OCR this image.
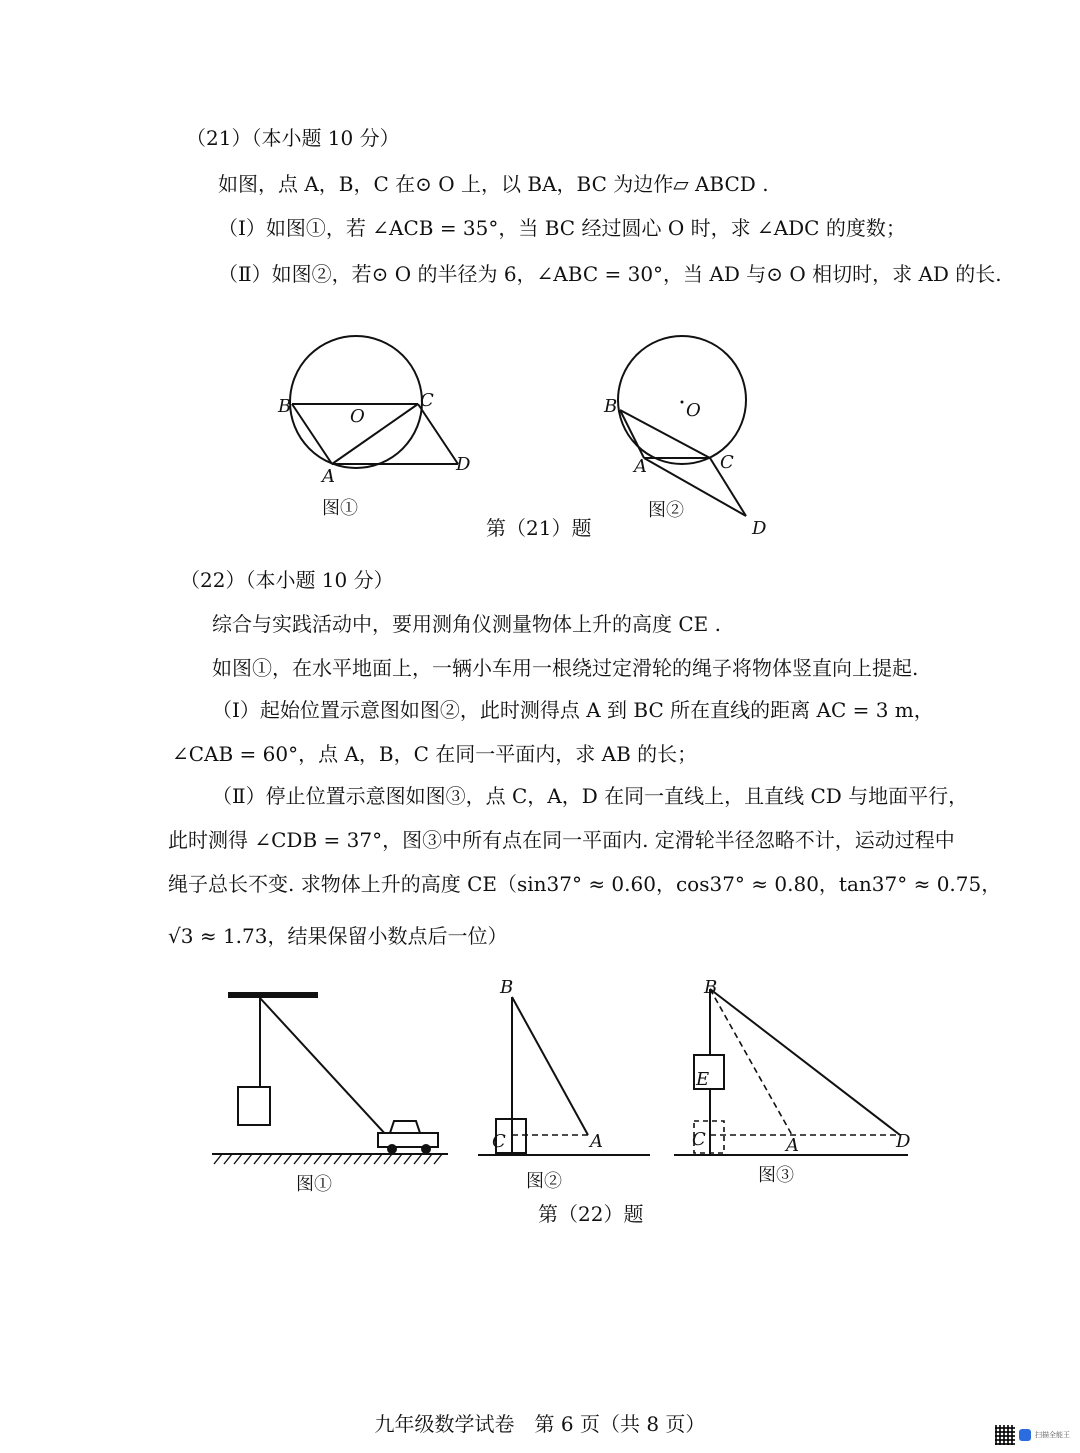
（21）（本小题 10 分）
如图，点 A，B，C 在⊙ O 上，以 BA，BC 为边作▱ ABCD .
（Ⅰ）如图①，若 ∠ACB = 35°，当 BC 经过圆心 O 时，求 ∠ADC 的度数；
（Ⅱ）如图②，若⊙ O 的半径为 6，∠ABC = 30°，当 AD 与⊙ O 相切时，求 AD 的长.
B	C
O
A
D
图①
B	O
A	C
D
图②
第（21）题
（22）（本小题 10 分）
综合与实践活动中，要用测角仪测量物体上升的高度 CE .
如图①，在水平地面上，一辆小车用一根绕过定滑轮的绳子将物体竖直向上提起.
（Ⅰ）起始位置示意图如图②，此时测得点 A 到 BC 所在直线的距离 AC = 3 m，
∠CAB = 60°，点 A，B，C 在同一平面内，求 AB 的长；
（Ⅱ）停止位置示意图如图③，点 C，A，D 在同一直线上，且直线 CD 与地面平行，
此时测得 ∠CDB = 37°，图③中所有点在同一平面内. 定滑轮半径忽略不计，运动过程中
绳子总长不变. 求物体上升的高度 CE（sin37° ≈ 0.60，cos37° ≈ 0.80，tan37° ≈ 0.75，
√3 ≈ 1.73，结果保留小数点后一位）
图①
B
C	A
图②
B
E
C	A	D
图③
第（22）题
九年级数学试卷　第 6 页（共 8 页）	扫描全能王
